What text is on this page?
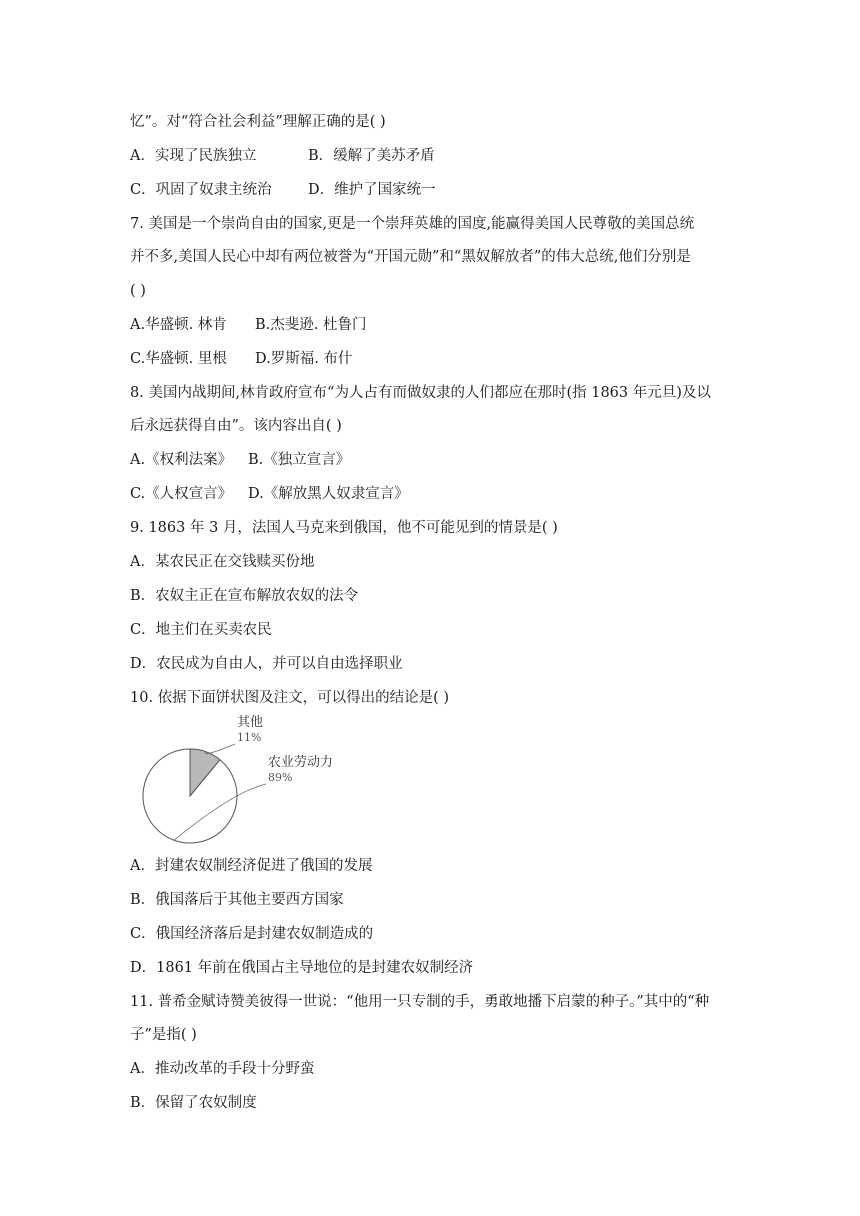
忆”。对“符合社会利益”理解正确的是( )
A．实现了民族独立	B．缓解了美苏矛盾
C．巩固了奴隶主统治	D．维护了国家统一
7. 美国是一个崇尚自由的国家,更是一个崇拜英雄的国度,能赢得美国人民尊敬的美国总统
并不多,美国人民心中却有两位被誉为“开国元勋”和“黑奴解放者”的伟大总统,他们分别是
( )
A.华盛顿. 林肯 B.杰斐逊. 杜鲁门
C.华盛顿. 里根 D.罗斯福. 布什
8. 美国内战期间,林肯政府宣布“为人占有而做奴隶的人们都应在那时(指 1863 年元旦)及以
后永远获得自由”。该内容出自( )
A.《权利法案》 B.《独立宣言》
C.《人权宣言》 D.《解放黑人奴隶宣言》
9. 1863 年 3 月，法国人马克来到俄国，他不可能见到的情景是( )
A．某农民正在交钱赎买份地
B．农奴主正在宣布解放农奴的法令
C．地主们在买卖农民
D．农民成为自由人，并可以自由选择职业
10. 依据下面饼状图及注文，可以得出的结论是( )
其他
11%
农业劳动力
89%
A．封建农奴制经济促进了俄国的发展
B．俄国落后于其他主要西方国家
C．俄国经济落后是封建农奴制造成的
D．1861 年前在俄国占主导地位的是封建农奴制经济
11. 普希金赋诗赞美彼得一世说：“他用一只专制的手，勇敢地播下启蒙的种子。”其中的“种
子”是指( )
A．推动改革的手段十分野蛮
B．保留了农奴制度
